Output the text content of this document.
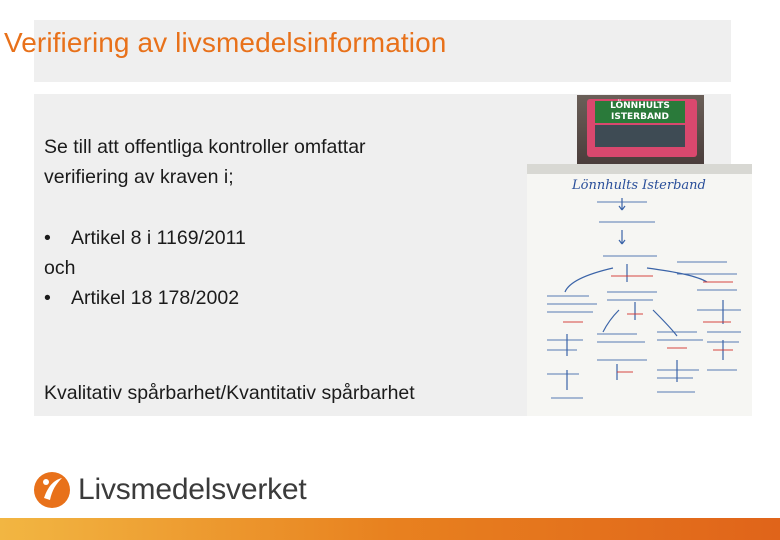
Verifiering av livsmedelsinformation

Se till att offentliga kontroller omfattar

verifiering av kraven i;

•	Artikel 8 i 1169/2011

och

•	Artikel 18 178/2002
Kvalitativ spårbarhet/Kvantitativ spårbarhet
LÖNNHULTS ISTERBAND
Lönnhults Isterband
Livsmedelsverket
